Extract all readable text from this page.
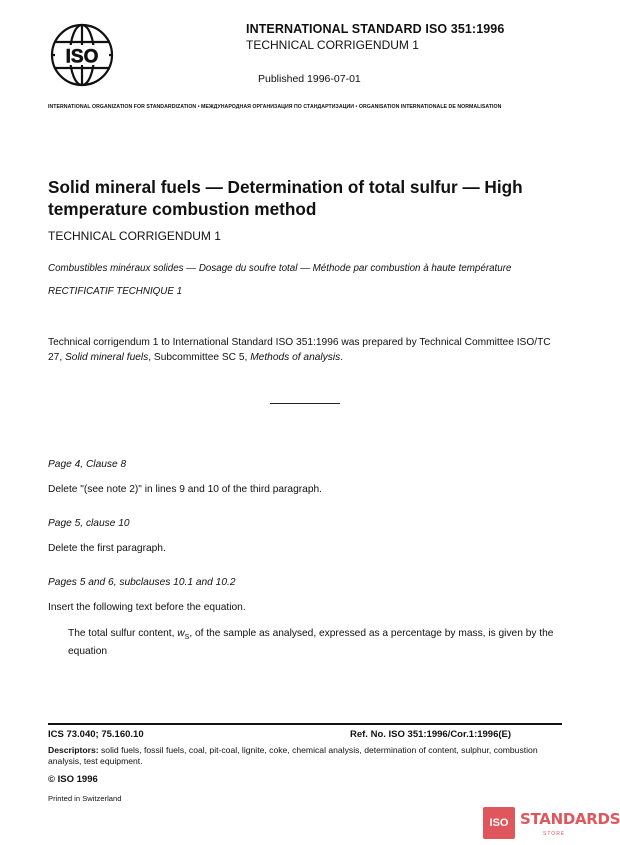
ISO
INTERNATIONAL STANDARD ISO 351:1996
TECHNICAL CORRIGENDUM 1
Published 1996-07-01
INTERNATIONAL ORGANIZATION FOR STANDARDIZATION • МЕЖДУНАРОДНАЯ ОРГАНИЗАЦИЯ ПО СТАНДАРТИЗАЦИИ • ORGANISATION INTERNATIONALE DE NORMALISATION
Solid mineral fuels — Determination of total sulfur — High temperature combustion method
TECHNICAL CORRIGENDUM 1
Combustibles minéraux solides — Dosage du soufre total — Méthode par combustion à haute température
RECTIFICATIF TECHNIQUE 1
Technical corrigendum 1 to International Standard ISO 351:1996 was prepared by Technical Committee ISO/TC 27, Solid mineral fuels, Subcommittee SC 5, Methods of analysis.
Page 4, Clause 8
Delete "(see note 2)" in lines 9 and 10 of the third paragraph.
Page 5, clause 10
Delete the first paragraph.
Pages 5 and 6, subclauses 10.1 and 10.2
Insert the following text before the equation.
The total sulfur content, $w_S$, of the sample as analysed, expressed as a percentage by mass, is given by the
equation
ICS 73.040; 75.160.10	Ref. No. ISO 351:1996/Cor.1:1996(E)
Descriptors: solid fuels, fossil fuels, coal, pit-coal, lignite, coke, chemical analysis, determination of content, sulphur, combustion analysis, test equipment.
© ISO 1996
Printed in Switzerland
ISO STANDARDS
STORE
